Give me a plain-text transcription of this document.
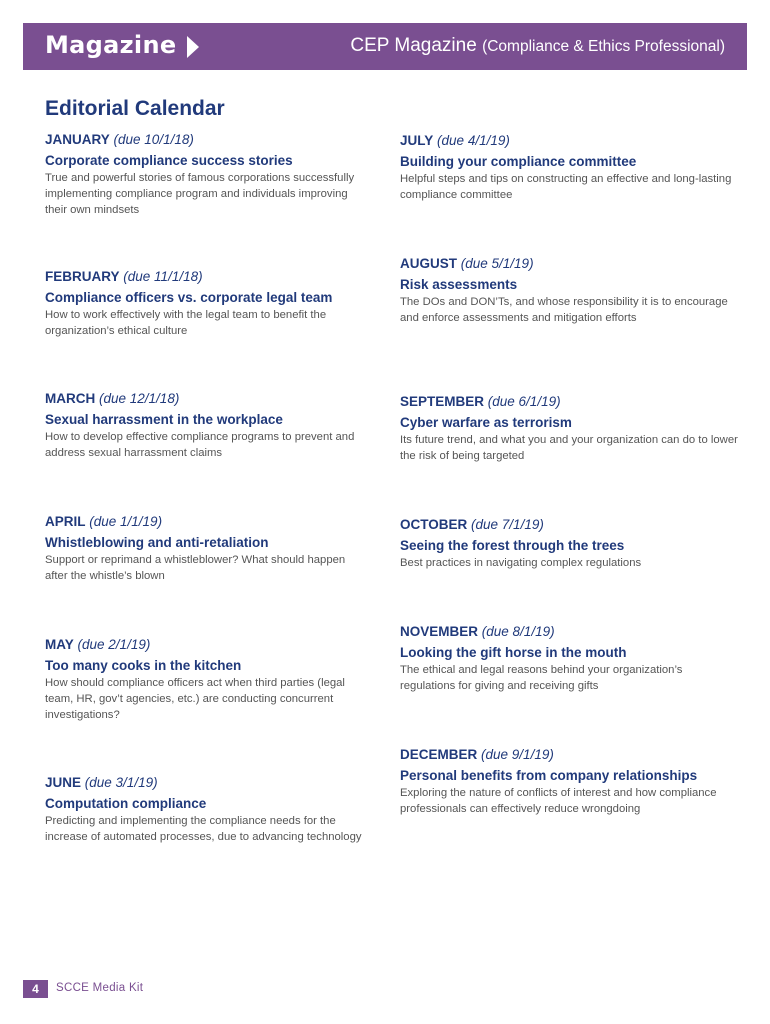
Magazine	CEP Magazine (Compliance & Ethics Professional)
Editorial Calendar
JANUARY (due 10/1/18)
Corporate compliance success stories
True and powerful stories of famous corporations successfully implementing compliance program and individuals improving their own mindsets
FEBRUARY (due 11/1/18)
Compliance officers vs. corporate legal team
How to work effectively with the legal team to benefit the organization’s ethical culture
MARCH (due 12/1/18)
Sexual harrassment in the workplace
How to develop effective compliance programs to prevent and address sexual harrassment claims
APRIL (due 1/1/19)
Whistleblowing and anti-retaliation
Support or reprimand a whistleblower? What should happen after the whistle’s blown
MAY (due 2/1/19)
Too many cooks in the kitchen
How should compliance officers act when third parties (legal team, HR, gov’t agencies, etc.) are conducting concurrent investigations?
JUNE (due 3/1/19)
Computation compliance
Predicting and implementing the compliance needs for the increase of automated processes, due to advancing technology
JULY (due 4/1/19)
Building your compliance committee
Helpful steps and tips on constructing an effective and long-lasting compliance committee
AUGUST (due 5/1/19)
Risk assessments
The DOs and DON’Ts, and whose responsibility it is to encourage and enforce assessments and mitigation efforts
SEPTEMBER (due 6/1/19)
Cyber warfare as terrorism
Its future trend, and what you and your organization can do to lower the risk of being targeted
OCTOBER (due 7/1/19)
Seeing the forest through the trees
Best practices in navigating complex regulations
NOVEMBER (due 8/1/19)
Looking the gift horse in the mouth
The ethical and legal reasons behind your organization’s regulations for giving and receiving gifts
DECEMBER (due 9/1/19)
Personal benefits from company relationships
Exploring the nature of conflicts of interest and how compliance professionals can effectively reduce wrongdoing
4	SCCE Media Kit
